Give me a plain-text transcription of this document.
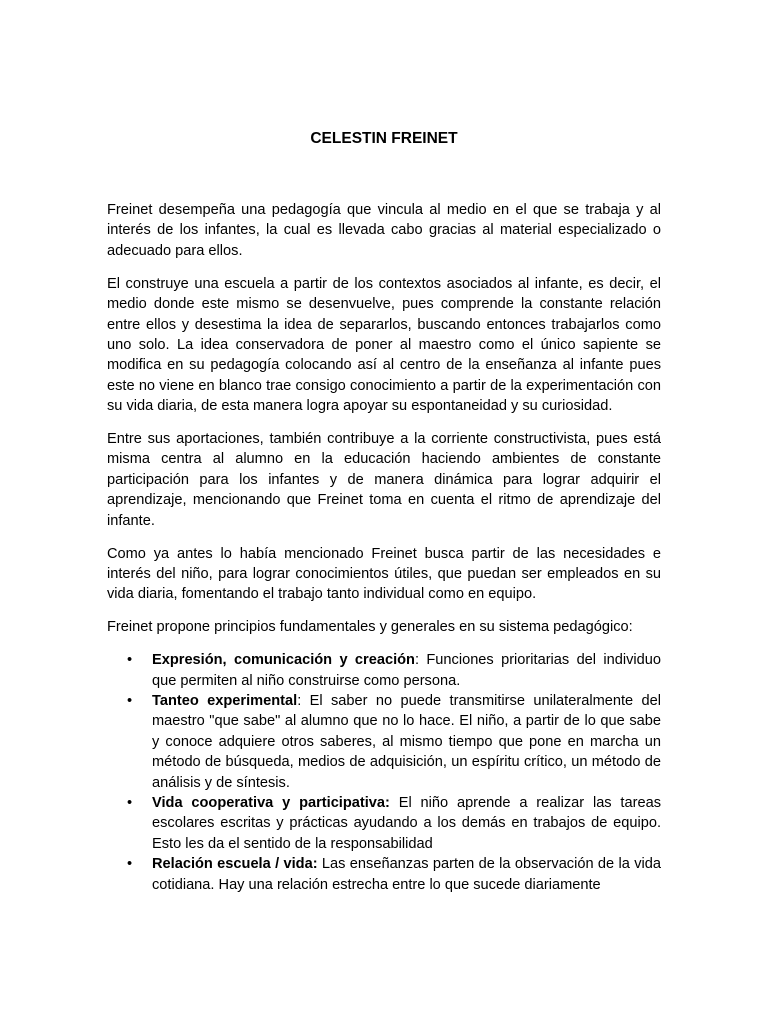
CELESTIN FREINET

Freinet desempeña una pedagogía que vincula al medio en el que se trabaja y al interés de los infantes, la cual es llevada cabo gracias al material especializado o adecuado para ellos.

El construye una escuela a partir de los contextos asociados al infante, es decir, el medio donde este mismo se desenvuelve, pues comprende la constante relación entre ellos y desestima la idea de separarlos, buscando entonces trabajarlos como uno solo. La idea conservadora de poner al maestro como el único sapiente se modifica en su pedagogía colocando así al centro de la enseñanza al infante pues este no viene en blanco trae consigo conocimiento a partir de la experimentación con su vida diaria, de esta manera logra apoyar su espontaneidad y su curiosidad.

Entre sus aportaciones, también contribuye a la corriente constructivista, pues está misma centra al alumno en la educación haciendo ambientes de constante participación para los infantes y de manera dinámica para lograr adquirir el aprendizaje, mencionando que Freinet toma en cuenta el ritmo de aprendizaje del infante.

Como ya antes lo había mencionado Freinet busca partir de las necesidades e interés del niño, para lograr conocimientos útiles, que puedan ser empleados en su vida diaria, fomentando el trabajo tanto individual como en equipo.

Freinet propone principios fundamentales y generales en su sistema pedagógico:

• Expresión, comunicación y creación: Funciones prioritarias del individuo que permiten al niño construirse como persona.
• Tanteo experimental: El saber no puede transmitirse unilateralmente del maestro "que sabe" al alumno que no lo hace. El niño, a partir de lo que sabe y conoce adquiere otros saberes, al mismo tiempo que pone en marcha un método de búsqueda, medios de adquisición, un espíritu crítico, un método de análisis y de síntesis.
• Vida cooperativa y participativa: El niño aprende a realizar las tareas escolares escritas y prácticas ayudando a los demás en trabajos de equipo. Esto les da el sentido de la responsabilidad
• Relación escuela / vida: Las enseñanzas parten de la observación de la vida cotidiana. Hay una relación estrecha entre lo que sucede diariamente
